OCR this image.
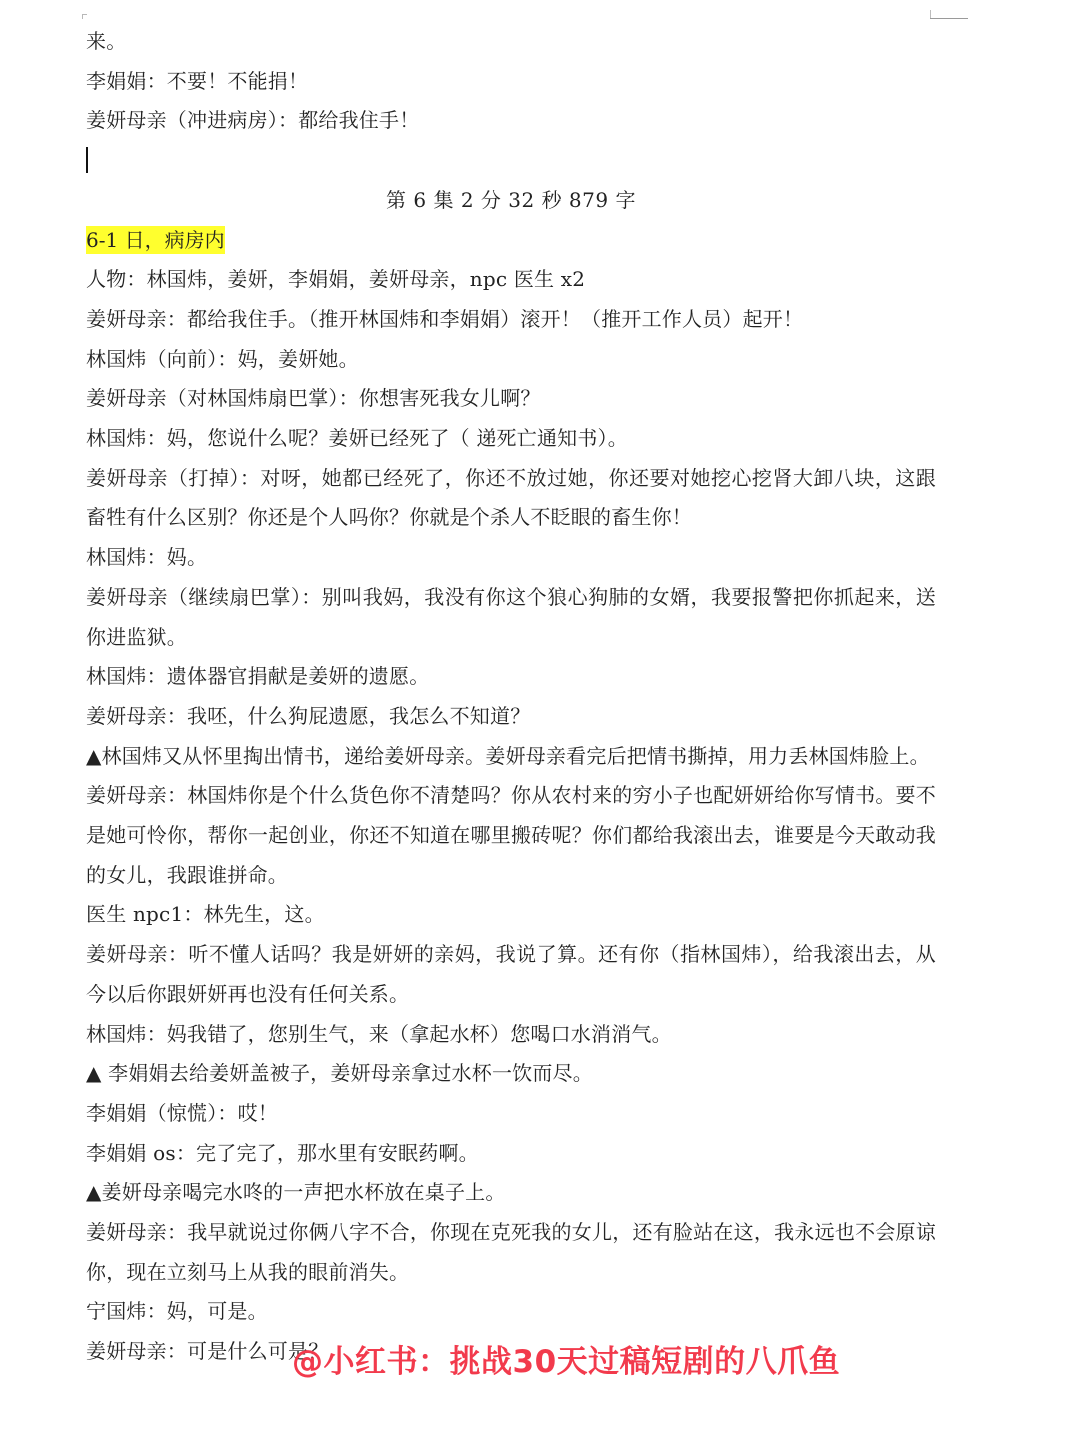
来。
李娟娟：不要！不能捐！
姜妍母亲（冲进病房）：都给我住手！
第 6 集 2 分 32 秒 879 字
6-1 日，病房内
人物：林国炜，姜妍，李娟娟，姜妍母亲，npc 医生 x2
姜妍母亲：都给我住手。（推开林国炜和李娟娟）滚开！（推开工作人员）起开！
林国炜（向前）：妈，姜妍她。
姜妍母亲（对林国炜扇巴掌）：你想害死我女儿啊？
林国炜：妈，您说什么呢？姜妍已经死了（ 递死亡通知书）。
姜妍母亲（打掉）：对呀，她都已经死了，你还不放过她，你还要对她挖心挖肾大卸八块，这跟畜牲有什么区别？你还是个人吗你？你就是个杀人不眨眼的畜生你！
林国炜：妈。
姜妍母亲（继续扇巴掌）：别叫我妈，我没有你这个狼心狗肺的女婿，我要报警把你抓起来，送你进监狱。
林国炜：遗体器官捐献是姜妍的遗愿。
姜妍母亲：我呸，什么狗屁遗愿，我怎么不知道？
▲林国炜又从怀里掏出情书，递给姜妍母亲。姜妍母亲看完后把情书撕掉，用力丢林国炜脸上。
姜妍母亲：林国炜你是个什么货色你不清楚吗？你从农村来的穷小子也配妍妍给你写情书。要不是她可怜你，帮你一起创业，你还不知道在哪里搬砖呢？你们都给我滚出去，谁要是今天敢动我的女儿，我跟谁拼命。
医生 npc1：林先生，这。
姜妍母亲：听不懂人话吗？我是妍妍的亲妈，我说了算。还有你（指林国炜），给我滚出去，从今以后你跟妍妍再也没有任何关系。
林国炜：妈我错了，您别生气，来（拿起水杯）您喝口水消消气。
▲ 李娟娟去给姜妍盖被子，姜妍母亲拿过水杯一饮而尽。
李娟娟（惊慌）：哎！
李娟娟 os：完了完了，那水里有安眠药啊。
▲姜妍母亲喝完水咚的一声把水杯放在桌子上。
姜妍母亲：我早就说过你俩八字不合，你现在克死我的女儿，还有脸站在这，我永远也不会原谅你，现在立刻马上从我的眼前消失。
宁国炜：妈，可是。
姜妍母亲：可是什么可是？
@小红书：挑战30天过稿短剧的八爪鱼
